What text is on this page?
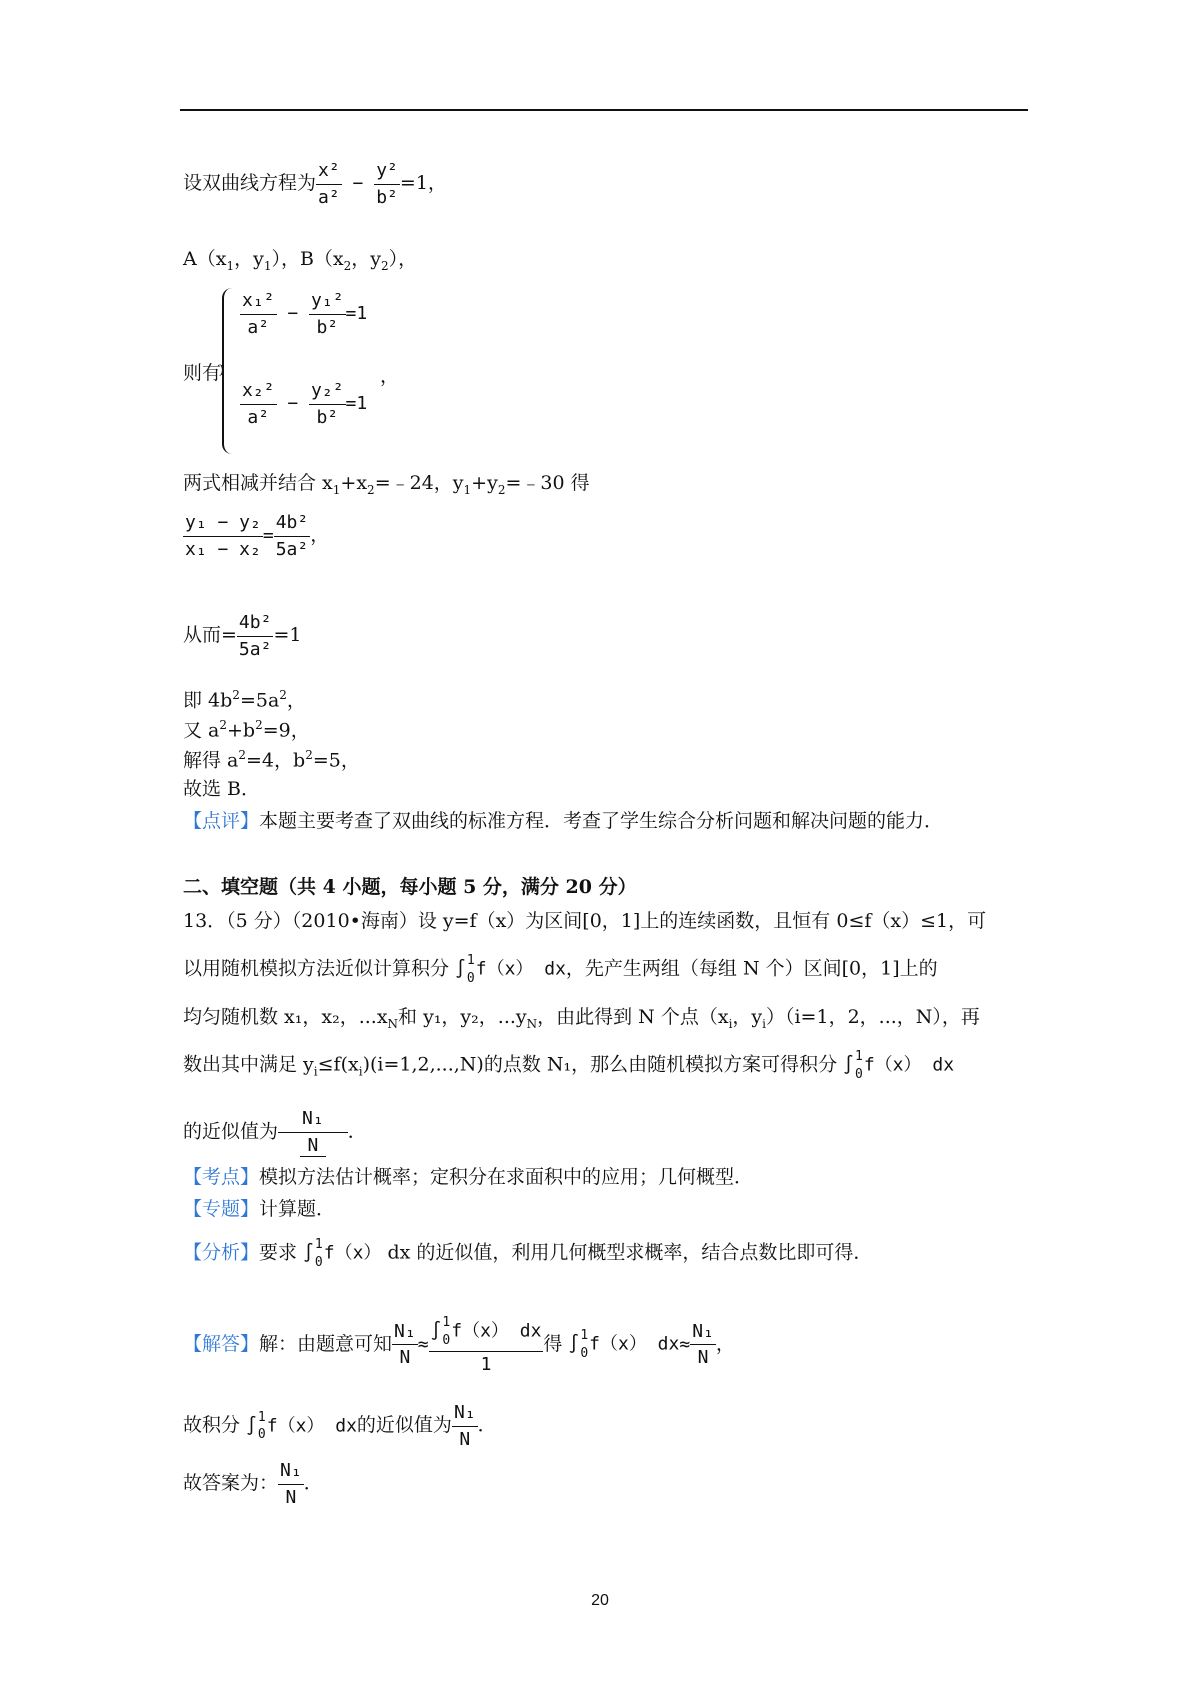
设双曲线方程为 $\frac{\text{x²}}{\text{a²}} - \frac{\text{y²}}{\text{b²}} =1$，
$A(x_1$，$y_1$），$B(x_2$，$y_2$），
则有
$\frac{\text{x₁²}}{\text{a²}} - \frac{\text{y₁²}}{\text{b²}} =1$
，
$\frac{\text{x₂²}}{\text{a²}} - \frac{\text{y₂²}}{\text{b²}} =1$
两式相减并结合 $x_1+x_2=﹣24$，$y_1+y_2=﹣30$ 得
$\frac{\text{y₁ − y₂}}{\text{x₁ − x₂}} = \frac{\text{4b²}}{\text{5a²}}$ ，
从而= $\frac{\text{4b²}}{\text{5a²}} =1$
即 $4b^2=5a^2$，
又 $a^2+b^2=9$，
解得 $a^2=4$，$b^2=5$，
故选 B．
【点评】本题主要考查了双曲线的标准方程．考查了学生综合分析问题和解决问题的能力．
二、填空题（共 4 小题，每小题 5 分，满分 20 分）
13．（5 分）（2010•海南）设 y=f（x）为区间[0，1]上的连续函数，且恒有 0≤f（x）≤1，可
以用随机模拟方法近似计算积分 ∫ 1
0 f（x） dx，先产生两组（每组 N 个）区间[0，1]上的
均匀随机数 x₁，x₂，$...x_N$和 y₁，y₂，$...y_N$，由此得到 N 个点（$x_i$，$y_i)(i=1$，2，...，N），再
数出其中满足 $y_i\le f(x_i)(i=1,2,...,N)$的点数 N₁，那么由随机模拟方案可得积分 ∫ 1
0 f（x） dx
的近似值为 $\frac{\text{N₁}}{N}$ ．
【考点】模拟方法估计概率；定积分在求面积中的应用；几何概型．
【专题】计算题．
【分析】要求 ∫ 1
0 f（x） dx 的近似值，利用几何概型求概率，结合点数比即可得．
【解答】解：由题意可知 $\frac{\text{N₁}}{N}$ ≈ ∫ 1
0 f（x） dx
1 得 ∫ 1
0 f（x） $dx\approx \frac{\text{N₁}}{N}$ ，
故积分 ∫ 1
0 f（x） dx的近似值为 $\frac{\text{N₁}}{N}$ ．
故答案为： $\frac{\text{N₁}}{N}$ ．
20
